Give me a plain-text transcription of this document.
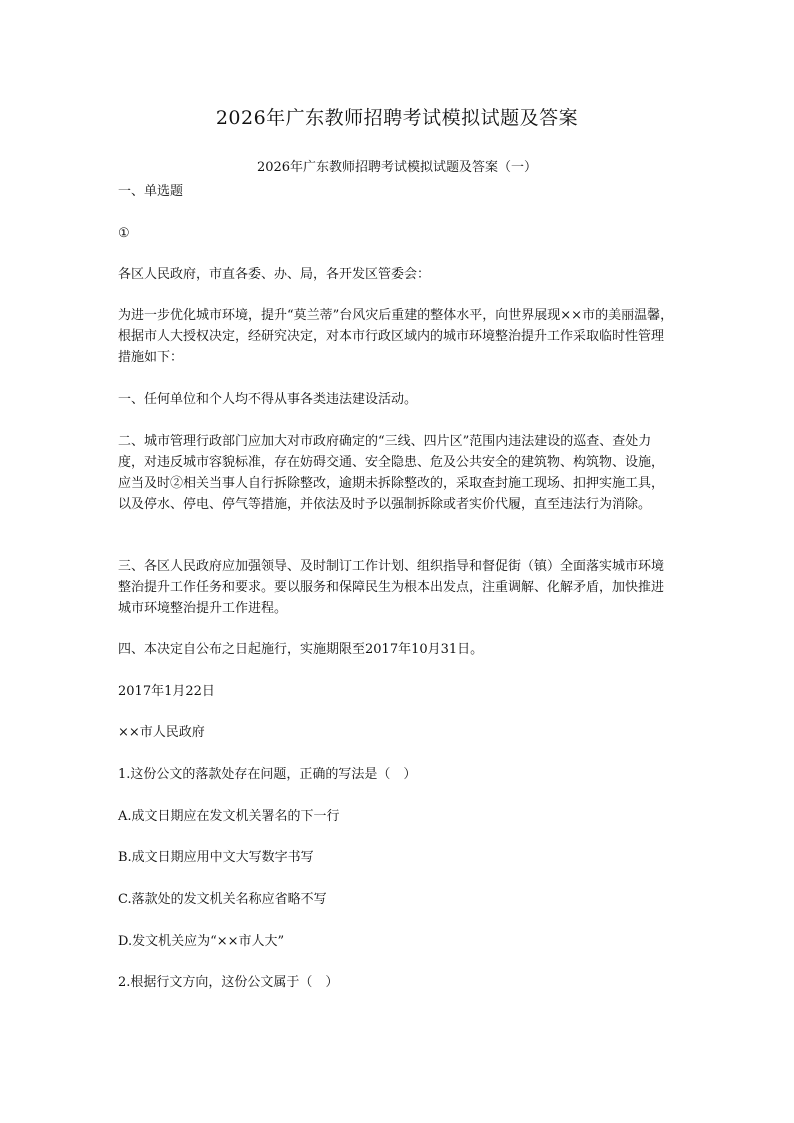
2026年广东教师招聘考试模拟试题及答案
2026年广东教师招聘考试模拟试题及答案（一）

一、单选题

①

各区人民政府，市直各委、办、局，各开发区管委会：

为进一步优化城市环境，提升“莫兰蒂”台风灾后重建的整体水平，向世界展现××市的美丽温馨，根据市人大授权决定，经研究决定，对本市行政区域内的城市环境整治提升工作采取临时性管理措施如下：

一、任何单位和个人均不得从事各类违法建设活动。

二、城市管理行政部门应加大对市政府确定的“三线、四片区”范围内违法建设的巡查、查处力度，对违反城市容貌标准，存在妨碍交通、安全隐患、危及公共安全的建筑物、构筑物、设施，应当及时②相关当事人自行拆除整改，逾期未拆除整改的，采取查封施工现场、扣押实施工具，以及停水、停电、停气等措施，并依法及时予以强制拆除或者实价代履，直至违法行为消除。

三、各区人民政府应加强领导、及时制订工作计划、组织指导和督促街（镇）全面落实城市环境整治提升工作任务和要求。要以服务和保障民生为根本出发点，注重调解、化解矛盾，加快推进城市环境整治提升工作进程。

四、本决定自公布之日起施行，实施期限至2017年10月31日。

2017年1月22日

××市人民政府

1.这份公文的落款处存在问题，正确的写法是（　）

A.成文日期应在发文机关署名的下一行

B.成文日期应用中文大写数字书写

C.落款处的发文机关名称应省略不写

D.发文机关应为“××市人大”

2.根据行文方向，这份公文属于（　）
